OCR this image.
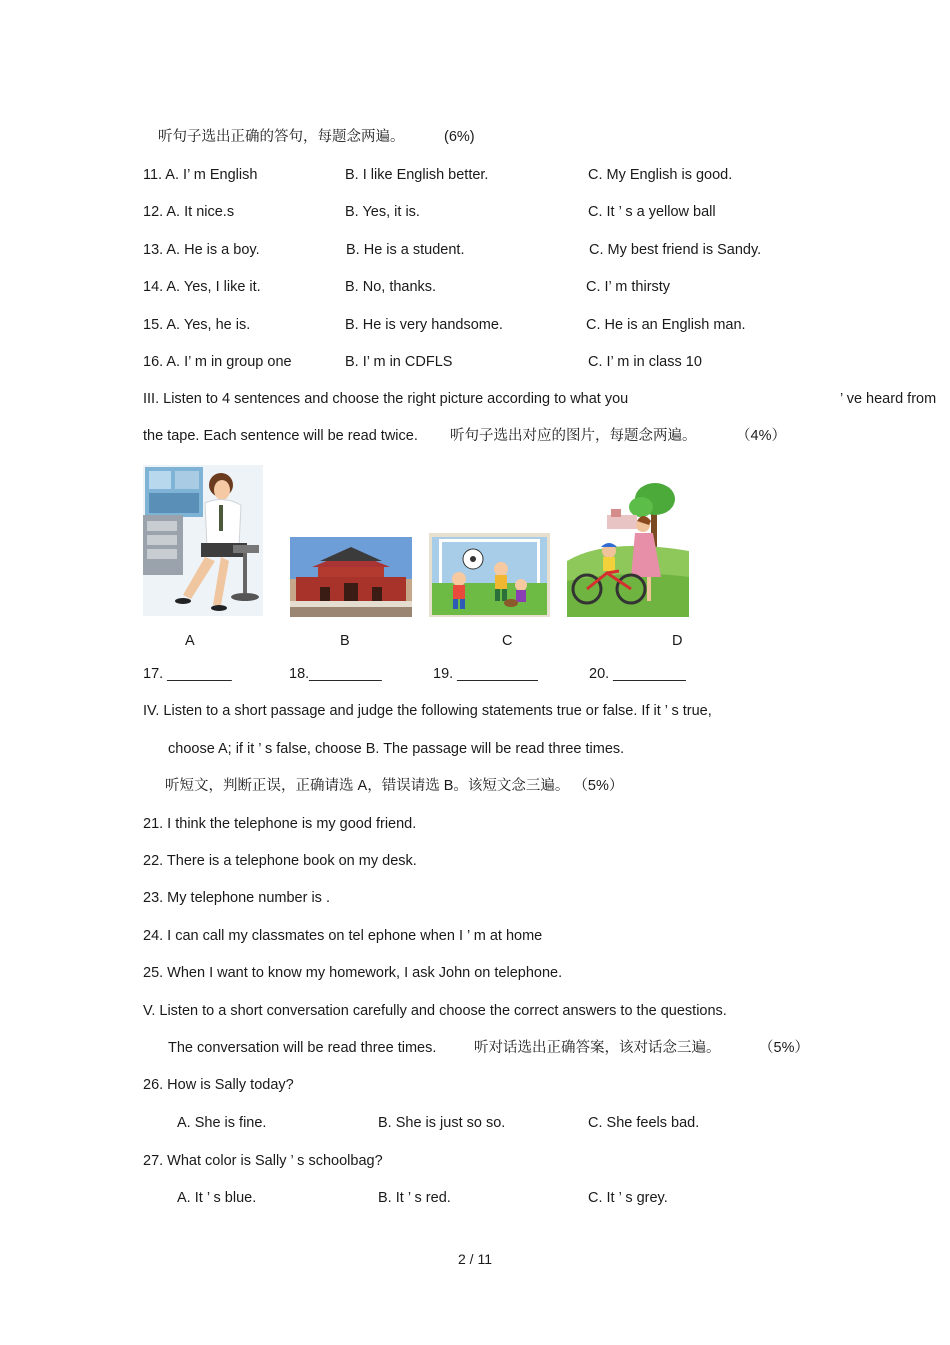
听句子选出正确的答句，每题念两遍。	(6%)
11. A. I’ m English	B. I like English better.	C. My English is good.
12. A. It nice.s	B. Yes, it is.	C. It ’ s a yellow ball
13. A. He is a boy.	B. He is a student.	C. My best friend is Sandy.
14. A. Yes, I like it.	B. No, thanks.	C. I’ m thirsty
15. A. Yes, he is.	B. He is very handsome.	C. He is an English man.
16. A. I’ m in group one	B. I’ m in CDFLS	C. I’ m in class 10
III. Listen to 4 sentences and choose the right picture according to what you	’ ve heard from
the tape. Each sentence will be read twice. 听句子选出对应的图片，每题念两遍。	（4%）
A	B	C	D
17. ________	18._________	19. __________	20. _________
IV. Listen to a short passage and judge the following statements true or false. If it ’ s true,
choose A; if it ’ s false, choose B. The passage will be read three times.
听短文，判断正误，正确请选 A，错误请选 B。该短文念三遍。 （5%）
21. I think the telephone is my good friend.
22. There is a telephone book on my desk.
23. My telephone number is .
24. I can call my classmates on tel ephone when I ’ m at home
25. When I want to know my homework, I ask John on telephone.
V. Listen to a short conversation carefully and choose the correct answers to the questions.
The conversation will be read three times.	听对话选出正确答案，该对话念三遍。	（5%）
26. How is Sally today?
A. She is fine.	B. She is just so so.	C. She feels bad.
27. What color is Sally ’ s schoolbag?
A. It ’ s blue.	B. It ’ s red.	C. It ’ s grey.
2 / 11
